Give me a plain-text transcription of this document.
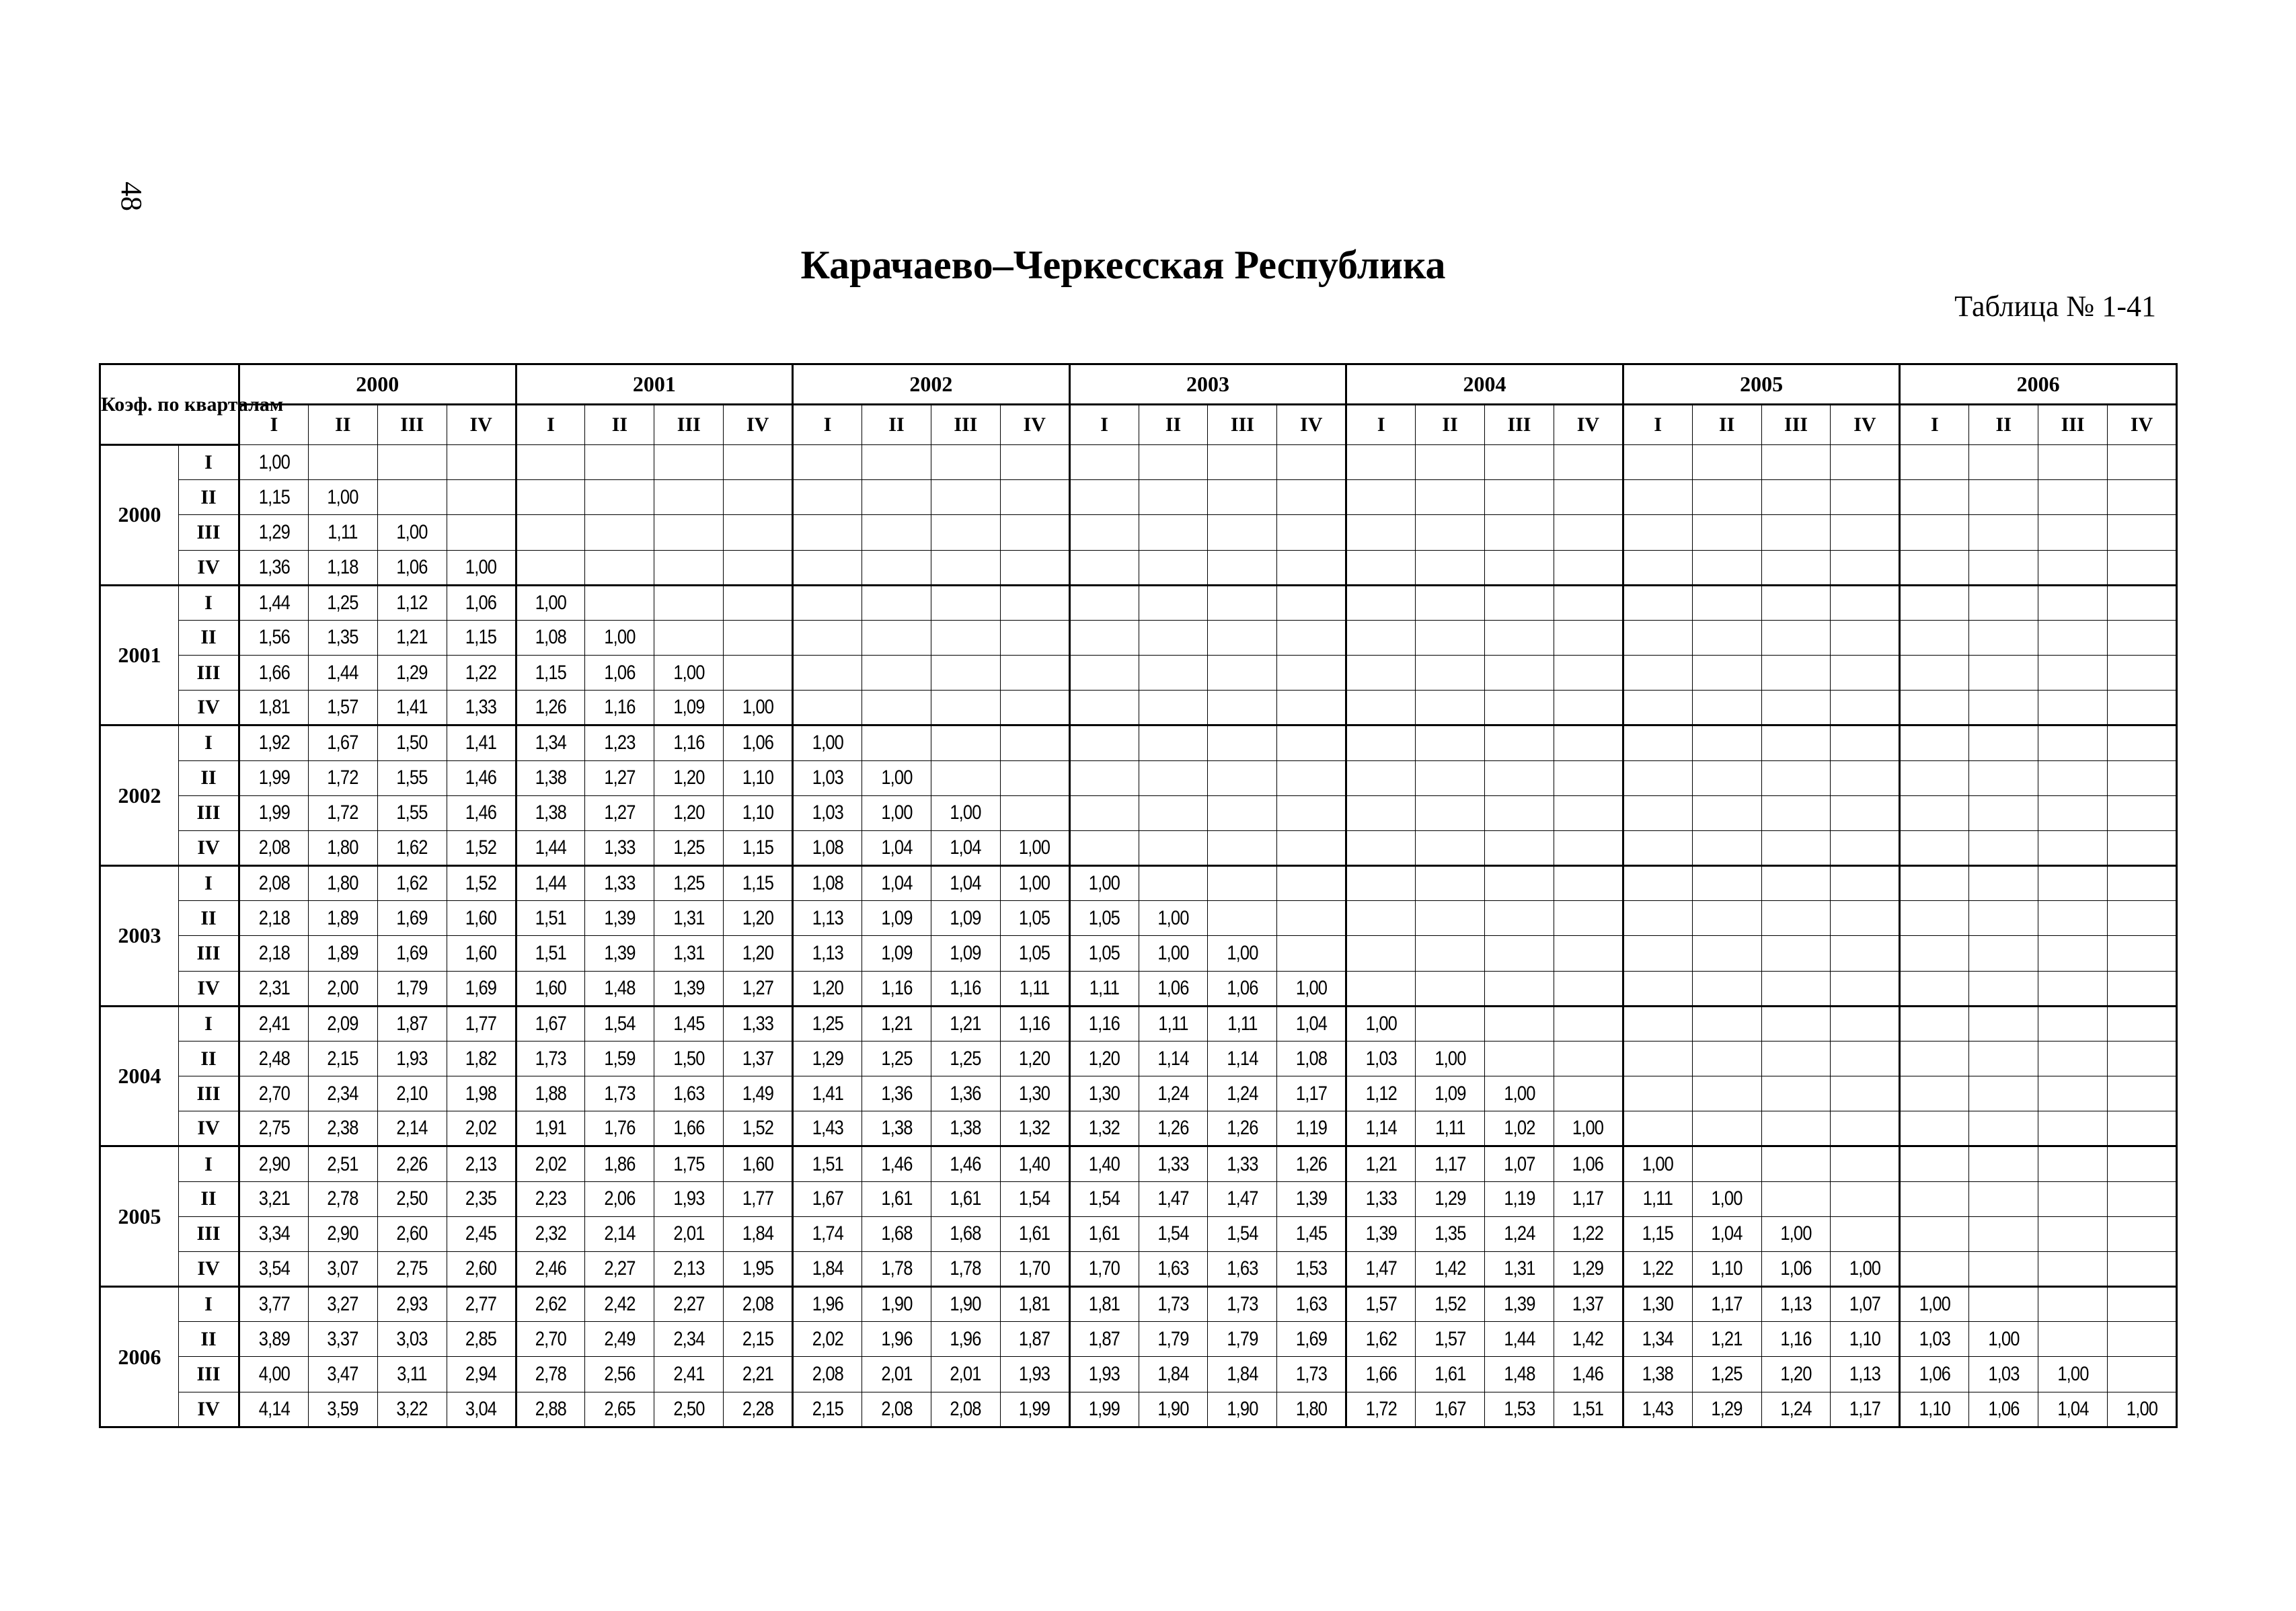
48
Карачаево–Черкесская Республика
Таблица № 1-41
Коэф. по кварталам		2000				2001				2002				2003				2004				2005				2006			
		I	II	III	IV	I	II	III	IV	I	II	III	IV	I	II	III	IV	I	II	III	IV	I	II	III	IV	I	II	III	IV
2000	I	1,00																											
	II	1,15	1,00																										
	III	1,29	1,11	1,00																									
	IV	1,36	1,18	1,06	1,00																								
2001	I	1,44	1,25	1,12	1,06	1,00																							
	II	1,56	1,35	1,21	1,15	1,08	1,00																						
	III	1,66	1,44	1,29	1,22	1,15	1,06	1,00																					
	IV	1,81	1,57	1,41	1,33	1,26	1,16	1,09	1,00																				
2002	I	1,92	1,67	1,50	1,41	1,34	1,23	1,16	1,06	1,00																			
	II	1,99	1,72	1,55	1,46	1,38	1,27	1,20	1,10	1,03	1,00																		
	III	1,99	1,72	1,55	1,46	1,38	1,27	1,20	1,10	1,03	1,00	1,00																	
	IV	2,08	1,80	1,62	1,52	1,44	1,33	1,25	1,15	1,08	1,04	1,04	1,00																
2003	I	2,08	1,80	1,62	1,52	1,44	1,33	1,25	1,15	1,08	1,04	1,04	1,00	1,00															
	II	2,18	1,89	1,69	1,60	1,51	1,39	1,31	1,20	1,13	1,09	1,09	1,05	1,05	1,00														
	III	2,18	1,89	1,69	1,60	1,51	1,39	1,31	1,20	1,13	1,09	1,09	1,05	1,05	1,00	1,00													
	IV	2,31	2,00	1,79	1,69	1,60	1,48	1,39	1,27	1,20	1,16	1,16	1,11	1,11	1,06	1,06	1,00												
2004	I	2,41	2,09	1,87	1,77	1,67	1,54	1,45	1,33	1,25	1,21	1,21	1,16	1,16	1,11	1,11	1,04	1,00											
	II	2,48	2,15	1,93	1,82	1,73	1,59	1,50	1,37	1,29	1,25	1,25	1,20	1,20	1,14	1,14	1,08	1,03	1,00										
	III	2,70	2,34	2,10	1,98	1,88	1,73	1,63	1,49	1,41	1,36	1,36	1,30	1,30	1,24	1,24	1,17	1,12	1,09	1,00									
	IV	2,75	2,38	2,14	2,02	1,91	1,76	1,66	1,52	1,43	1,38	1,38	1,32	1,32	1,26	1,26	1,19	1,14	1,11	1,02	1,00								
2005	I	2,90	2,51	2,26	2,13	2,02	1,86	1,75	1,60	1,51	1,46	1,46	1,40	1,40	1,33	1,33	1,26	1,21	1,17	1,07	1,06	1,00							
	II	3,21	2,78	2,50	2,35	2,23	2,06	1,93	1,77	1,67	1,61	1,61	1,54	1,54	1,47	1,47	1,39	1,33	1,29	1,19	1,17	1,11	1,00						
	III	3,34	2,90	2,60	2,45	2,32	2,14	2,01	1,84	1,74	1,68	1,68	1,61	1,61	1,54	1,54	1,45	1,39	1,35	1,24	1,22	1,15	1,04	1,00					
	IV	3,54	3,07	2,75	2,60	2,46	2,27	2,13	1,95	1,84	1,78	1,78	1,70	1,70	1,63	1,63	1,53	1,47	1,42	1,31	1,29	1,22	1,10	1,06	1,00				
2006	I	3,77	3,27	2,93	2,77	2,62	2,42	2,27	2,08	1,96	1,90	1,90	1,81	1,81	1,73	1,73	1,63	1,57	1,52	1,39	1,37	1,30	1,17	1,13	1,07	1,00			
	II	3,89	3,37	3,03	2,85	2,70	2,49	2,34	2,15	2,02	1,96	1,96	1,87	1,87	1,79	1,79	1,69	1,62	1,57	1,44	1,42	1,34	1,21	1,16	1,10	1,03	1,00		
	III	4,00	3,47	3,11	2,94	2,78	2,56	2,41	2,21	2,08	2,01	2,01	1,93	1,93	1,84	1,84	1,73	1,66	1,61	1,48	1,46	1,38	1,25	1,20	1,13	1,06	1,03	1,00	
	IV	4,14	3,59	3,22	3,04	2,88	2,65	2,50	2,28	2,15	2,08	2,08	1,99	1,99	1,90	1,90	1,80	1,72	1,67	1,53	1,51	1,43	1,29	1,24	1,17	1,10	1,06	1,04	1,00
